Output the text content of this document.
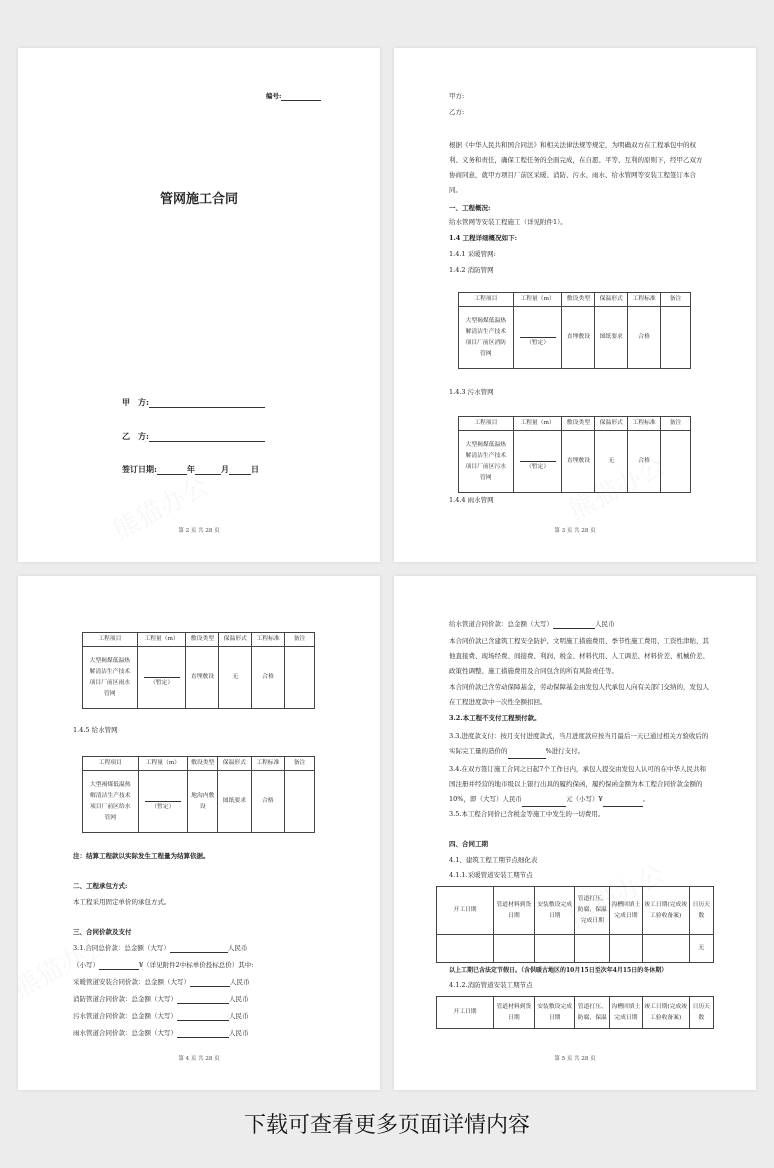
编号:
管网施工合同
甲　方:
乙　方:
签订日期:	年	月	日
第 2 页 共 28 页
甲方:
乙方:
根据《中华人民共和国合同法》和相关法律法规等规定，为明确双方在工程承包中的权利、义务和责任，确保工程任务的全面完成，在自愿、平等、互利的原则下，经甲乙双方协商同意，就甲方项目厂前区采暖、消防、污水、雨水、给水管网等安装工程签订本合同。
一、工程概况:
给水管网等安装工程施工（详见附件1）。
1.4 工程详细概况如下:
1.4.1 采暖管网:
1.4.2 消防管网
工程项目	工程量（m）	敷设类型	保温形式	工程标准	备注

大型褐煤低温热
解清洁生产技术
项目厂前区消防
管网	（暂定）	直埋敷设	图纸要求	合格	
1.4.3 污水管网
工程项目	工程量（m）	敷设类型	保温形式	工程标准	备注

大型褐煤低温热
解清洁生产技术
项目厂前区污水
管网	（暂定）	直埋敷设	无	合格	
1.4.4 雨水管网
第 3 页 共 28 页
工程项目	工程量（m）	敷设类型	保温形式	工程标准	备注

大型褐煤低温热
解清洁生产技术
项目厂前区雨水
管网	（暂定）	直埋敷设	无	合格	
1.4.5 给水管网
工程项目	工程量（m）	敷设类型	保温形式	工程标准	备注

大型褐煤低温热
解清洁生产技术
项目厂前区给水
管网	（暂定）	地沟内敷设	图纸要求	合格	
注：结算工程款以实际发生工程量为结算依据。
二、工程承包方式:
本工程采用固定单价的承包方式。
三、合同价款及支付
3.1.合同总价款：总金额（大写）	人民币
（小写）	¥（详见附件2中标单价投标总价）其中:
采暖管道安装合同价款：总金额（大写）	人民币
消防管道合同价款：总金额（大写）	人民币
污水管道合同价款：总金额（大写）	人民币
雨水管道合同价款：总金额（大写）	人民币
第 4 页 共 28 页
给水管道合同价款：总金额（大写）	人民币
本合同价款已含建筑工程安全防护、文明施工措施费用、季节性施工费用、工资性津贴、其他直接费、现场经费、间接费、利润、税金、材料代用、人工调差、材料价差、机械价差、政策性调整、施工措施费用及合同包含的所有风险责任等。
本合同价款已含劳动保障基金，劳动保障基金由发包人代承包人向有关部门交纳的，发包人在工程进度款中一次性全额扣回。
3.2.本工程不支付工程预付款。
3.3.进度款支付：按月支付进度款式，当月进度款应按当月最后一天已通过相关方验收后的实际完工量的造价的	%进行支付。
3.4.在双方签订施工合同之日起7个工作日内，承包人提交由发包人认可的在中华人民共和国注册并经营的地市级以上银行出具的履约保函，履约保函金额为本工程合同价款金额的10%，即（大写）人民币	元（小写）¥	。
3.5.本工程合同价已含税金等施工中发生的一切费用。
四、合同工期
4.1、建筑工程工期节点细化表
4.1.1.采暖管道安装工期节点
开工日期	管道材料到货日期	安装敷设完成日期	管道打压、防腐、保温完成日期	沟槽回填土完成日期	竣工日期(完成竣工验收备案)	日历天数
						无
以上工期已含法定节假日。（含供暖古地区的10月15日至次年4月15日的冬休期）
4.1.2.消防管道安装工期节点
开工日期	管道材料到货日期	安装敷设完成日期	管道打压、防腐、保温	沟槽回填土完成日期	竣工日期(完成竣工验收备案)	日历天数
第 5 页 共 28 页
下载可查看更多页面详情内容
